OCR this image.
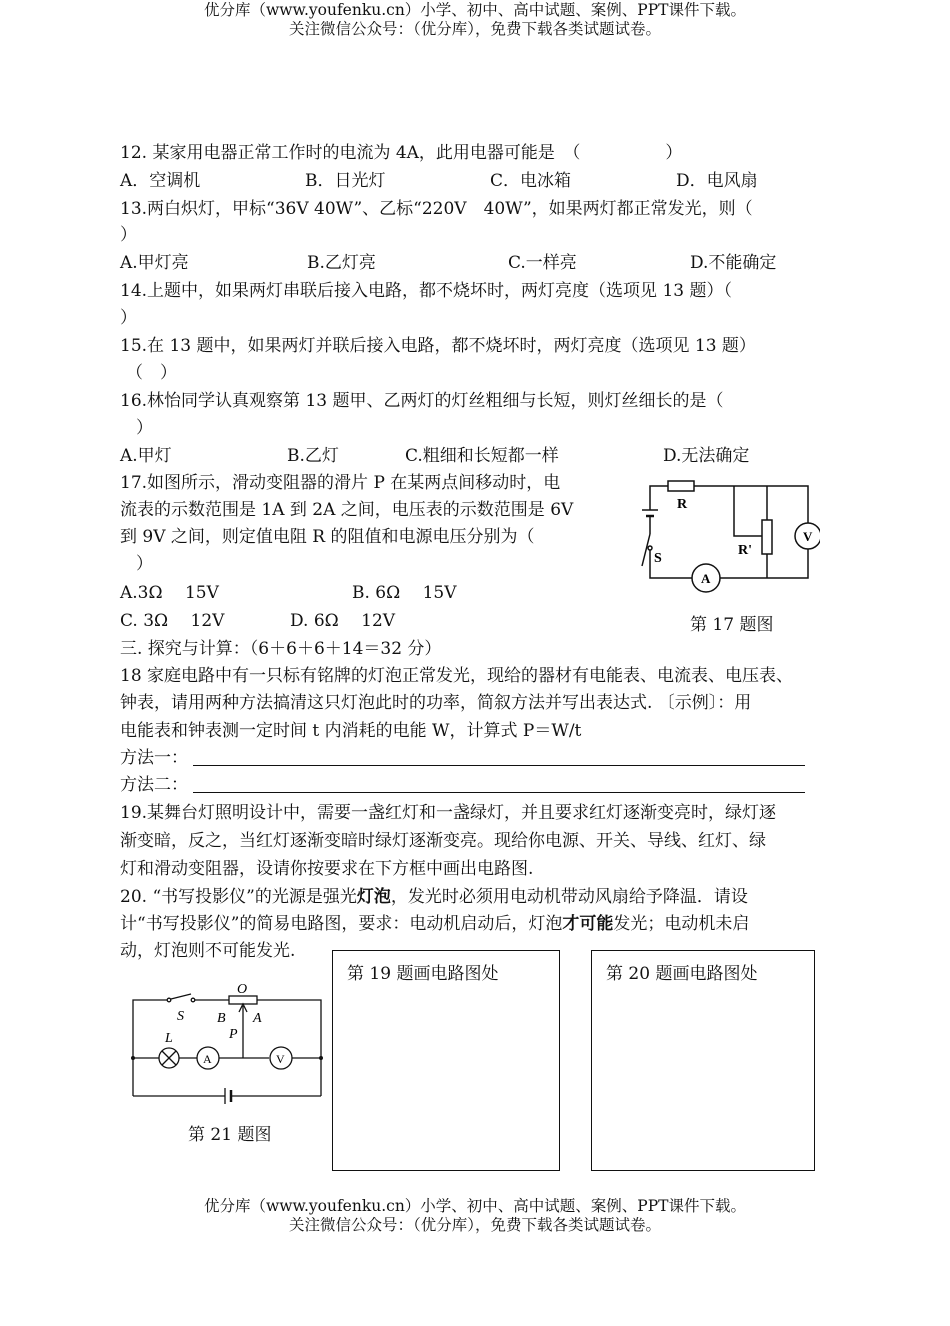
优分库（www.youfenku.cn）小学、初中、高中试题、案例、PPT课件下载。
关注微信公众号：（优分库），免费下载各类试题试卷。
12. 某家用电器正常工作时的电流为 4A，此用电器可能是　（　　　　　）
A．空调机	B．日光灯	C．电冰箱	D．电风扇
13.两白炽灯，甲标“36V 40W”、乙标“220V　40W”，如果两灯都正常发光，则（
）
A.甲灯亮	B.乙灯亮	C.一样亮	D.不能确定
14.上题中，如果两灯串联后接入电路，都不烧坏时，两灯亮度（选项见 13 题）（
）
15.在 13 题中，如果两灯并联后接入电路，都不烧坏时，两灯亮度（选项见 13 题）
（　）
16.林怡同学认真观察第 13 题甲、乙两灯的灯丝粗细与长短，则灯丝细长的是（
）
A.甲灯	B.乙灯	C.粗细和长短都一样	D.无法确定
17.如图所示，滑动变阻器的滑片 P 在某两点间移动时，电
流表的示数范围是 1A 到 2A 之间，电压表的示数范围是 6V
到 9V 之间，则定值电阻 R 的阻值和电源电压分别为（
）
A.3Ω　 15V	B. 6Ω　 15V
C. 3Ω　 12V	D. 6Ω　 12V
R
R'
S
V
A
第 17 题图
三. 探究与计算：（6＋6＋6＋14＝32 分）
18 家庭电路中有一只标有铭牌的灯泡正常发光，现给的器材有电能表、电流表、电压表、
钟表，请用两种方法搞清这只灯泡此时的功率，简叙方法并写出表达式. 〔示例〕：用
电能表和钟表测一定时间 t 内消耗的电能 W，计算式 P＝W/t
方法一：
方法二：
19.某舞台灯照明设计中，需要一盏红灯和一盏绿灯，并且要求红灯逐渐变亮时，绿灯逐
渐变暗，反之，当红灯逐渐变暗时绿灯逐渐变亮。现给你电源、开关、导线、红灯、绿
灯和滑动变阻器，设请你按要求在下方框中画出电路图.
20. “书写投影仪”的光源是强光灯泡，发光时必须用电动机带动风扇给予降温．请设
计“书写投影仪”的简易电路图，要求：电动机启动后，灯泡才可能发光；电动机未启
动，灯泡则不可能发光.
第 19 题画电路图处	第 20 题画电路图处
S
O
B A
P
L
A	V
第 21 题图
优分库（www.youfenku.cn）小学、初中、高中试题、案例、PPT课件下载。
关注微信公众号：（优分库），免费下载各类试题试卷。
